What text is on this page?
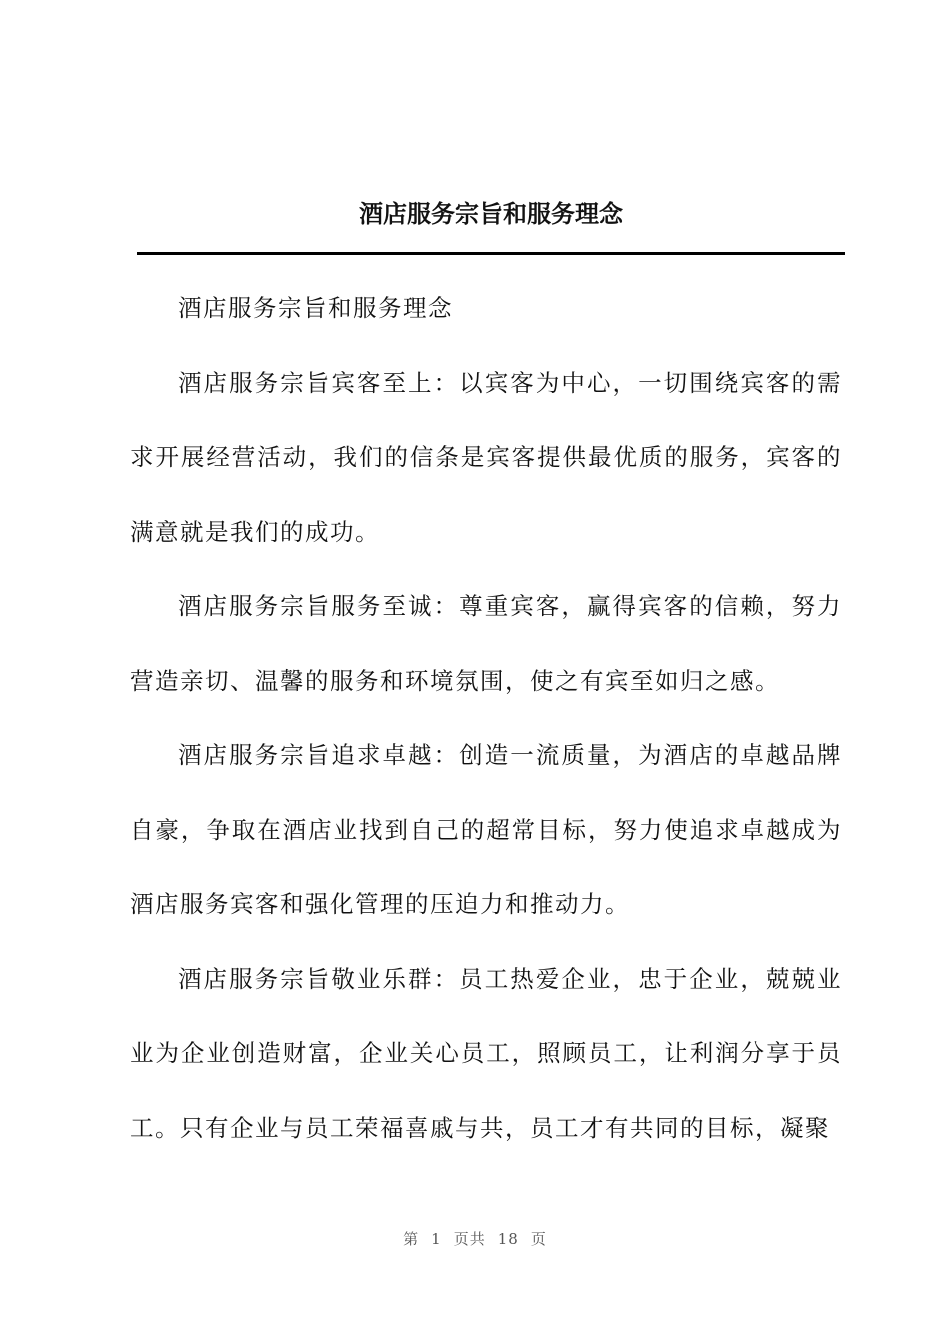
酒店服务宗旨和服务理念

酒店服务宗旨和服务理念

酒店服务宗旨宾客至上：以宾客为中心，一切围绕宾客的需求开展经营活动，我们的信条是宾客提供最优质的服务，宾客的满意就是我们的成功。

酒店服务宗旨服务至诚：尊重宾客，赢得宾客的信赖，努力营造亲切、温馨的服务和环境氛围，使之有宾至如归之感。

酒店服务宗旨追求卓越：创造一流质量，为酒店的卓越品牌自豪，争取在酒店业找到自己的超常目标，努力使追求卓越成为酒店服务宾客和强化管理的压迫力和推动力。

酒店服务宗旨敬业乐群：员工热爱企业，忠于企业，兢兢业业为企业创造财富，企业关心员工，照顾员工，让利润分享于员工。只有企业与员工荣福喜戚与共，员工才有共同的目标，凝聚

第 1 页共 18 页
